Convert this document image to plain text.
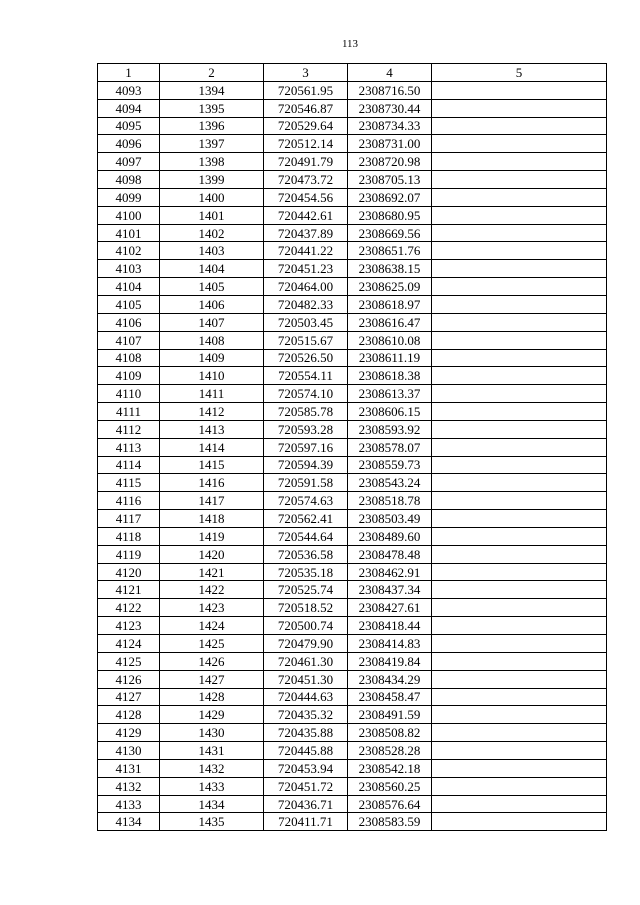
113
1	2	3	4	5
4093	1394	720561.95	2308716.50	
4094	1395	720546.87	2308730.44	
4095	1396	720529.64	2308734.33	
4096	1397	720512.14	2308731.00	
4097	1398	720491.79	2308720.98	
4098	1399	720473.72	2308705.13	
4099	1400	720454.56	2308692.07	
4100	1401	720442.61	2308680.95	
4101	1402	720437.89	2308669.56	
4102	1403	720441.22	2308651.76	
4103	1404	720451.23	2308638.15	
4104	1405	720464.00	2308625.09	
4105	1406	720482.33	2308618.97	
4106	1407	720503.45	2308616.47	
4107	1408	720515.67	2308610.08	
4108	1409	720526.50	2308611.19	
4109	1410	720554.11	2308618.38	
4110	1411	720574.10	2308613.37	
4111	1412	720585.78	2308606.15	
4112	1413	720593.28	2308593.92	
4113	1414	720597.16	2308578.07	
4114	1415	720594.39	2308559.73	
4115	1416	720591.58	2308543.24	
4116	1417	720574.63	2308518.78	
4117	1418	720562.41	2308503.49	
4118	1419	720544.64	2308489.60	
4119	1420	720536.58	2308478.48	
4120	1421	720535.18	2308462.91	
4121	1422	720525.74	2308437.34	
4122	1423	720518.52	2308427.61	
4123	1424	720500.74	2308418.44	
4124	1425	720479.90	2308414.83	
4125	1426	720461.30	2308419.84	
4126	1427	720451.30	2308434.29	
4127	1428	720444.63	2308458.47	
4128	1429	720435.32	2308491.59	
4129	1430	720435.88	2308508.82	
4130	1431	720445.88	2308528.28	
4131	1432	720453.94	2308542.18	
4132	1433	720451.72	2308560.25	
4133	1434	720436.71	2308576.64	
4134	1435	720411.71	2308583.59	
